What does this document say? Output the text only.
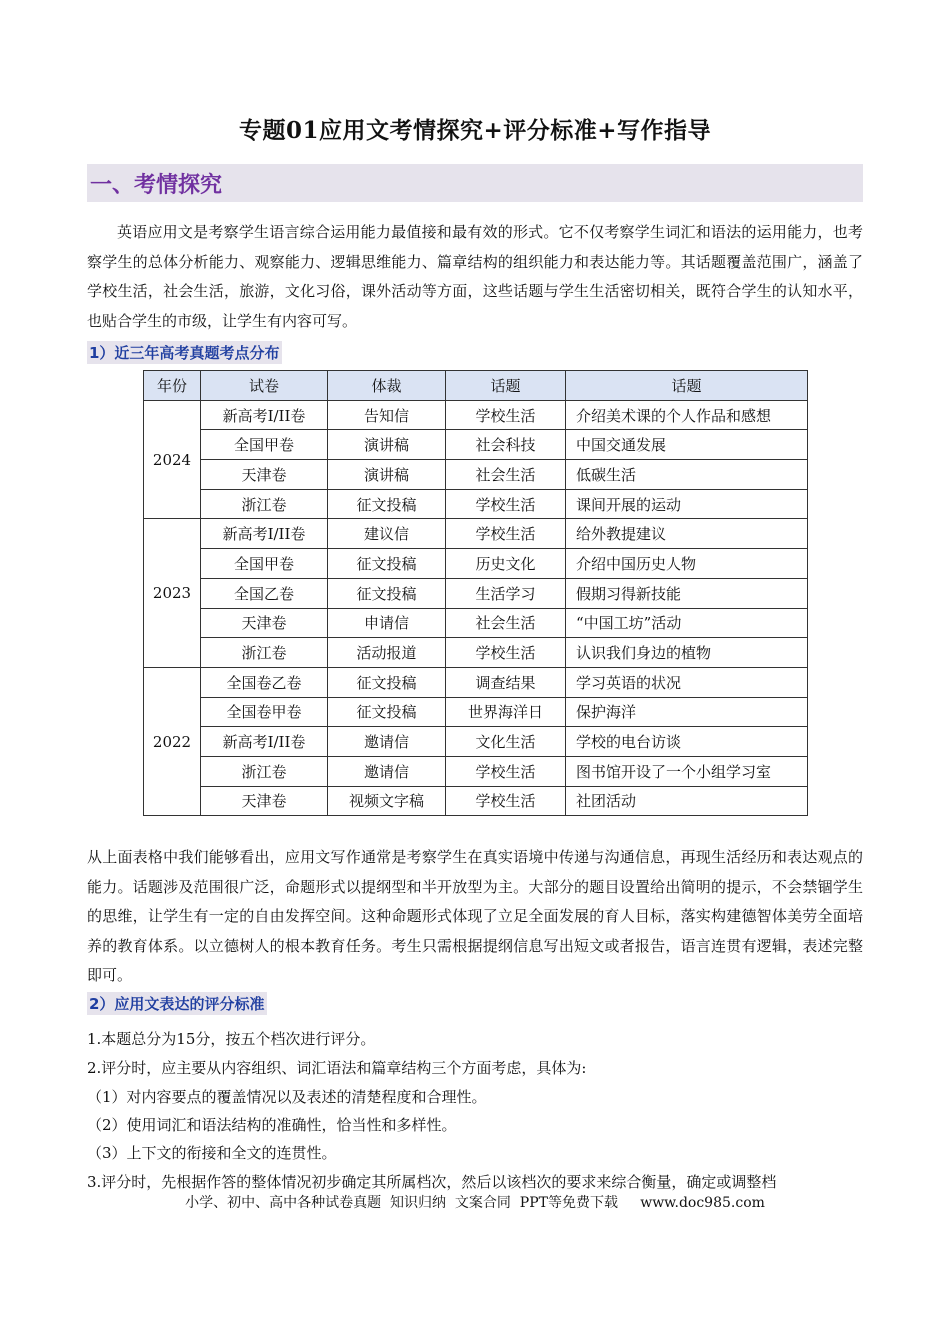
专题01应用文考情探究+评分标准+写作指导
一、考情探究

英语应用文是考察学生语言综合运用能力最值接和最有效的形式。它不仅考察学生词汇和语法的运用能力，也考察学生的总体分析能力、观察能力、逻辑思维能力、篇章结构的组织能力和表达能力等。其话题覆盖范围广，涵盖了学校生活，社会生活，旅游，文化习俗，课外活动等方面，这些话题与学生生活密切相关，既符合学生的认知水平，也贴合学生的市级，让学生有内容可写。

1）近三年高考真题考点分布
年份	试卷	体裁	话题	话题
2024	新高考Ⅰ/II卷	告知信	学校生活	介绍美术课的个人作品和感想
	全国甲卷	演讲稿	社会科技	中国交通发展
	天津卷	演讲稿	社会生活	低碳生活
	浙江卷	征文投稿	学校生活	课间开展的运动
2023	新高考Ⅰ/II卷	建议信	学校生活	给外教提建议
	全国甲卷	征文投稿	历史文化	介绍中国历史人物
	全国乙卷	征文投稿	生活学习	假期习得新技能
	天津卷	申请信	社会生活	“中国工坊”活动
	浙江卷	活动报道	学校生活	认识我们身边的植物
2022	全国卷乙卷	征文投稿	调查结果	学习英语的状况
	全国卷甲卷	征文投稿	世界海洋日	保护海洋
	新高考Ⅰ/II卷	邀请信	文化生活	学校的电台访谈
	浙江卷	邀请信	学校生活	图书馆开设了一个小组学习室
	天津卷	视频文字稿	学校生活	社团活动

从上面表格中我们能够看出，应用文写作通常是考察学生在真实语境中传递与沟通信息，再现生活经历和表达观点的能力。话题涉及范围很广泛，命题形式以提纲型和半开放型为主。大部分的题目设置给出简明的提示，不会禁锢学生的思维，让学生有一定的自由发挥空间。这种命题形式体现了立足全面发展的育人目标，落实构建德智体美劳全面培养的教育体系。以立德树人的根本教育任务。考生只需根据提纲信息写出短文或者报告，语言连贯有逻辑，表述完整即可。

2）应用文表达的评分标准

1.本题总分为15分，按五个档次进行评分。

2.评分时，应主要从内容组织、词汇语法和篇章结构三个方面考虑，具体为:

（1）对内容要点的覆盖情况以及表述的清楚程度和合理性。

（2）使用词汇和语法结构的准确性，恰当性和多样性。

（3）上下文的衔接和全文的连贯性。

3.评分时，先根据作答的整体情况初步确定其所属档次，然后以该档次的要求来综合衡量，确定或调整档

小学、初中、高中各种试卷真题  知识归纳  文案合同  PPT等免费下载     www.doc985.com
